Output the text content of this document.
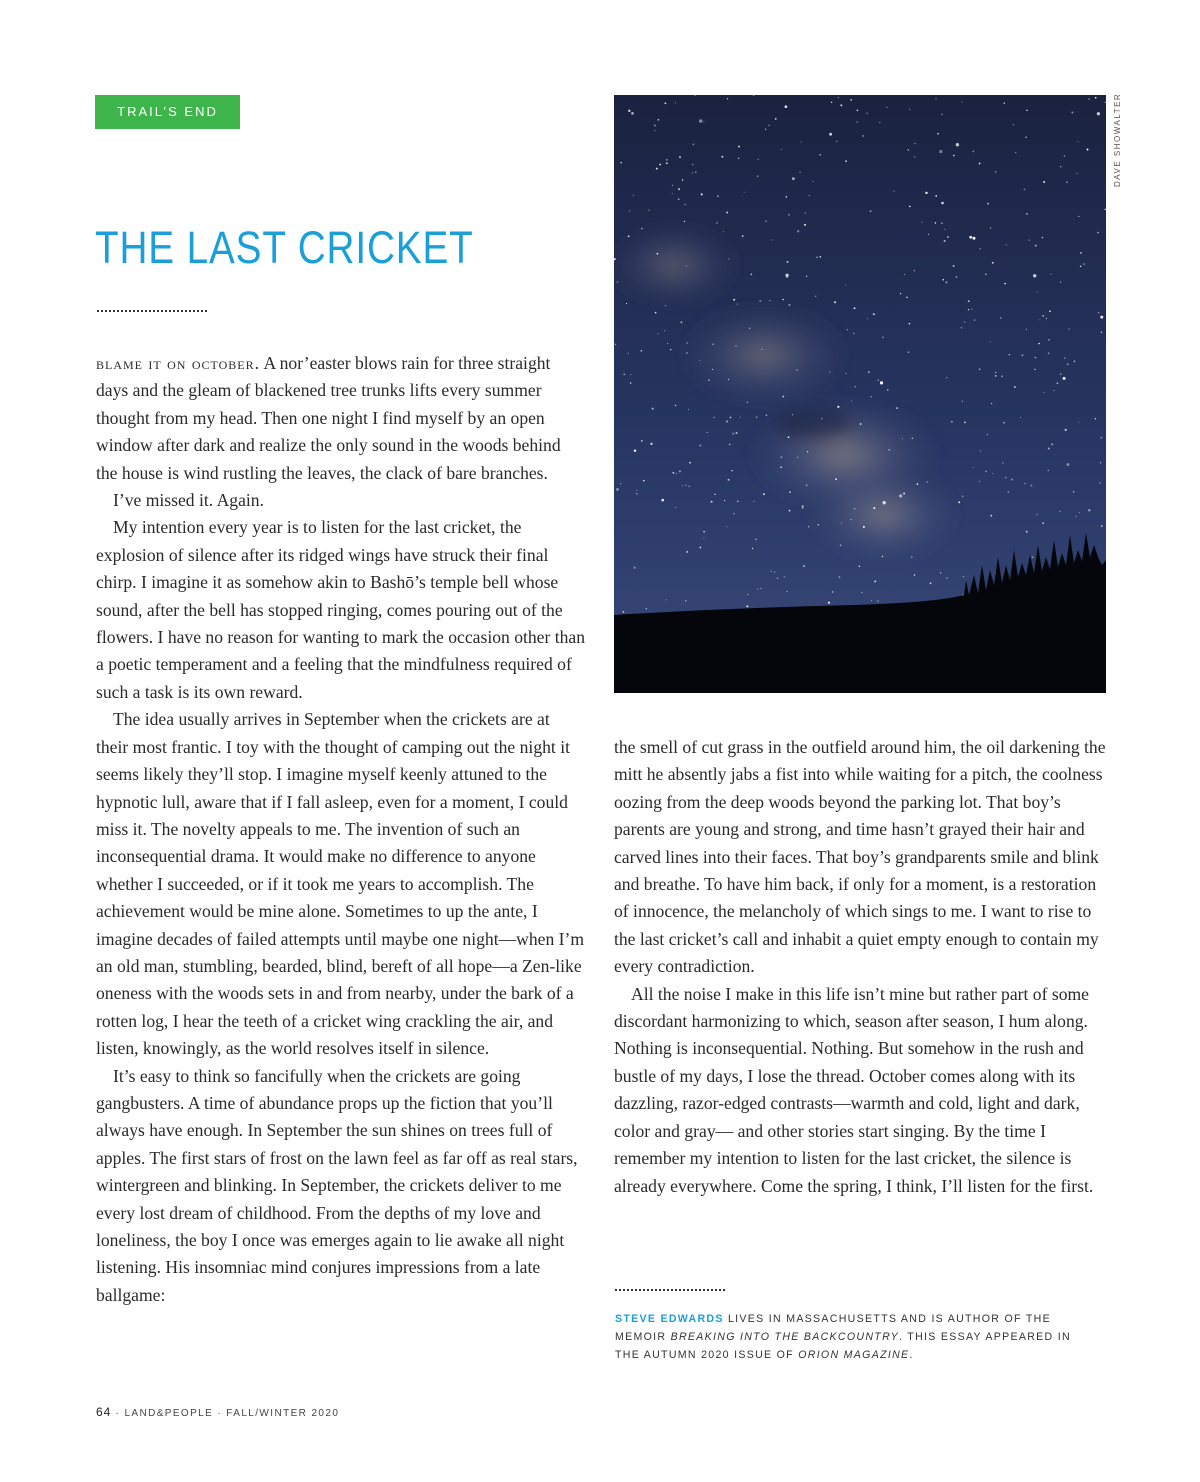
TRAIL’S END
THE LAST CRICKET
DAVE SHOWALTER

blame it on october. A nor’easter blows rain for three straight days and the gleam of blackened tree trunks lifts every summer thought from my head. Then one night I find myself by an open window after dark and realize the only sound in the woods behind the house is wind rustling the leaves, the clack of bare branches.

I’ve missed it. Again.

My intention every year is to listen for the last cricket, the explosion of silence after its ridged wings have struck their final chirp. I imagine it as somehow akin to Bashō’s temple bell whose sound, after the bell has stopped ringing, comes pouring out of the flowers. I have no reason for wanting to mark the occasion other than a poetic temperament and a feeling that the mindfulness required of such a task is its own reward.

The idea usually arrives in September when the crickets are at their most frantic. I toy with the thought of camping out the night it seems likely they’ll stop. I imagine myself keenly attuned to the hypnotic lull, aware that if I fall asleep, even for a moment, I could miss it. The novelty appeals to me. The invention of such an inconsequential drama. It would make no difference to anyone whether I succeeded, or if it took me years to accomplish. The achievement would be mine alone. Sometimes to up the ante, I imagine decades of failed attempts until maybe one night—when I’m an old man, stumbling, bearded, blind, bereft of all hope—a Zen-like oneness with the woods sets in and from nearby, under the bark of a rotten log, I hear the teeth of a cricket wing crackling the air, and listen, knowingly, as the world resolves itself in silence.

It’s easy to think so fancifully when the crickets are going gangbusters. A time of abundance props up the fiction that you’ll always have enough. In September the sun shines on trees full of apples. The first stars of frost on the lawn feel as far off as real stars, wintergreen and blinking. In September, the crickets deliver to me every lost dream of childhood. From the depths of my love and loneliness, the boy I once was emerges again to lie awake all night listening. His insomniac mind conjures impressions from a late ballgame:

the smell of cut grass in the outfield around him, the oil darkening the mitt he absently jabs a fist into while waiting for a pitch, the coolness oozing from the deep woods beyond the parking lot. That boy’s parents are young and strong, and time hasn’t grayed their hair and carved lines into their faces. That boy’s grandparents smile and blink and breathe. To have him back, if only for a moment, is a restoration of innocence, the melancholy of which sings to me. I want to rise to the last cricket’s call and inhabit a quiet empty enough to contain my every contradiction.

All the noise I make in this life isn’t mine but rather part of some discordant harmonizing to which, season after season, I hum along. Nothing is inconsequential. Nothing. But somehow in the rush and bustle of my days, I lose the thread. October comes along with its dazzling, razor-edged contrasts—warmth and cold, light and dark, color and gray— and other stories start singing. By the time I remember my intention to listen for the last cricket, the silence is already everywhere. Come the spring, I think, I’ll listen for the first.

STEVE EDWARDS LIVES IN MASSACHUSETTS AND IS AUTHOR OF THE MEMOIR BREAKING INTO THE BACKCOUNTRY. THIS ESSAY APPEARED IN THE AUTUMN 2020 ISSUE OF ORION MAGAZINE.
64 · LAND&PEOPLE · FALL/WINTER 2020
